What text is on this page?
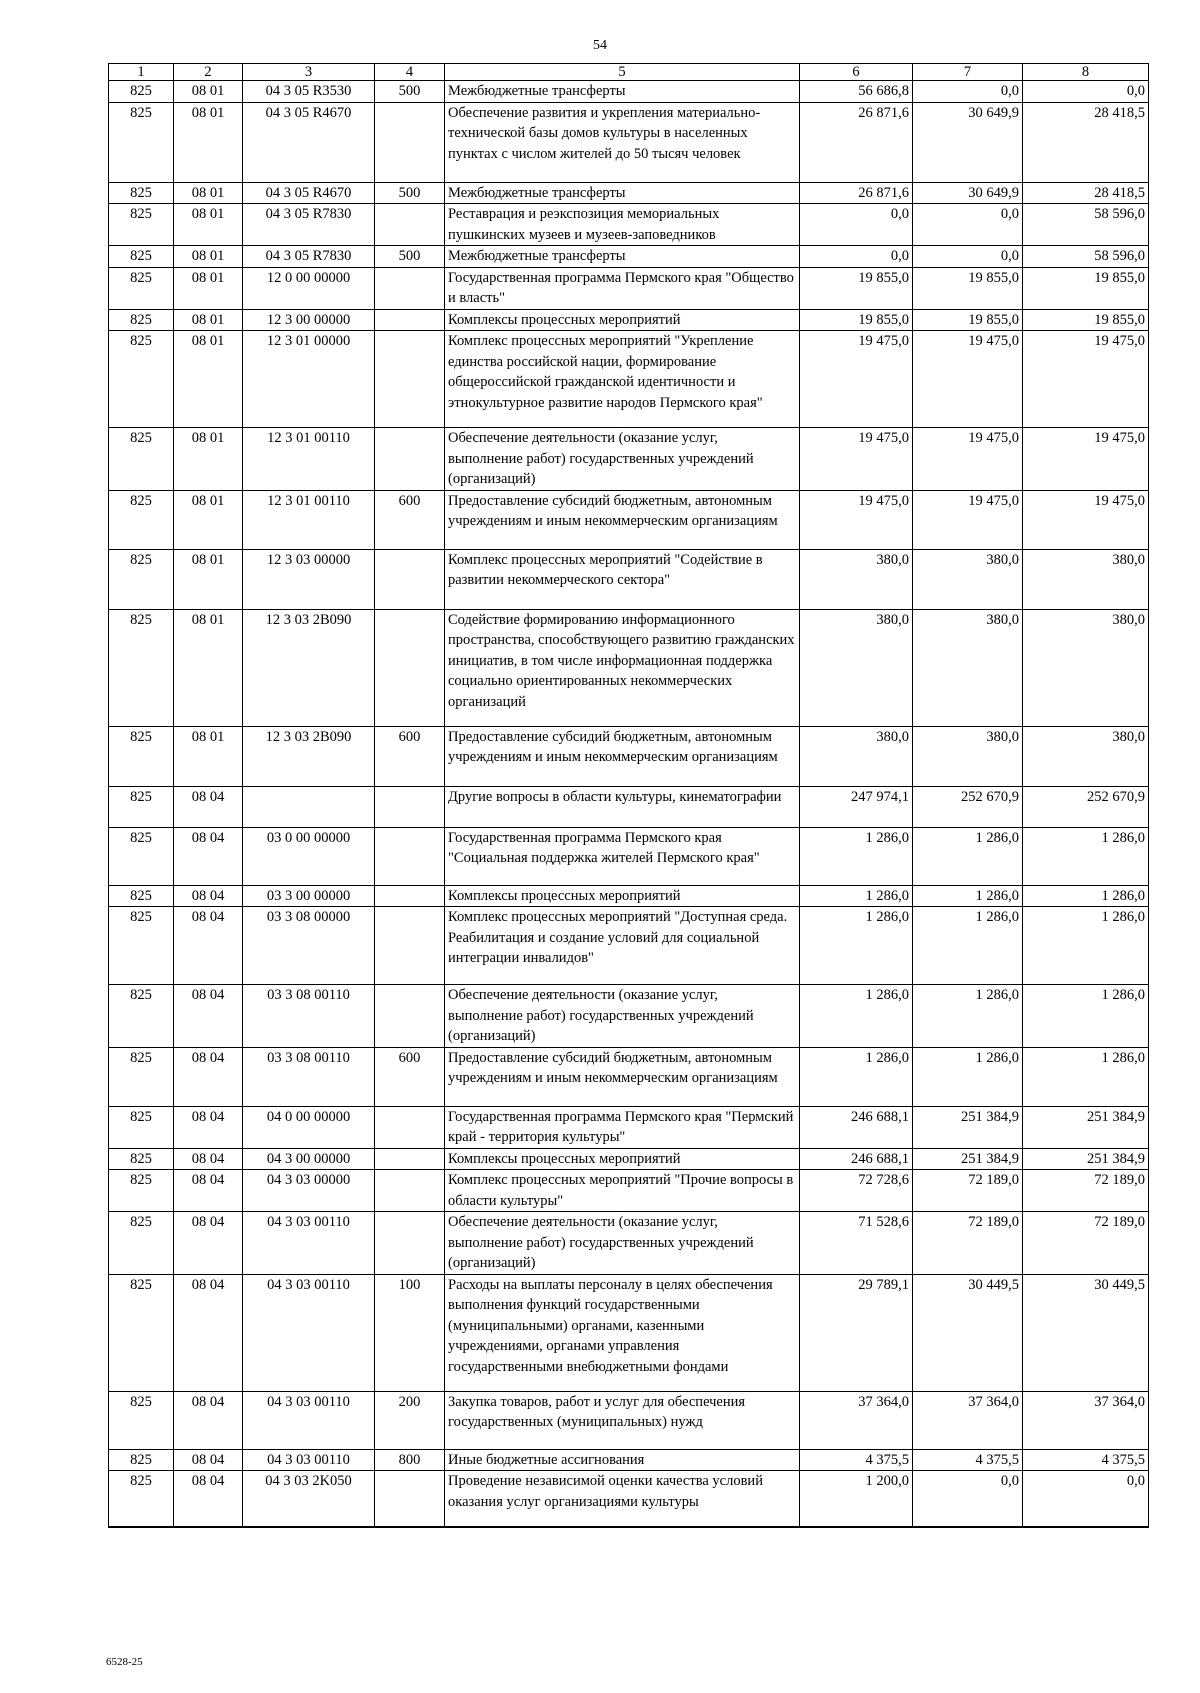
54
1	2	3	4	5	6	7	8
825	08 01	04 3 05 R3530	500	Межбюджетные трансферты	56 686,8	0,0	0,0
825	08 01	04 3 05 R4670		Обеспечение развития и укрепления материально-технической базы домов культуры в населенных пунктах с числом жителей до 50 тысяч человек	26 871,6	30 649,9	28 418,5
825	08 01	04 3 05 R4670	500	Межбюджетные трансферты	26 871,6	30 649,9	28 418,5
825	08 01	04 3 05 R7830		Реставрация и реэкспозиция мемориальных пушкинских музеев и музеев-заповедников	0,0	0,0	58 596,0
825	08 01	04 3 05 R7830	500	Межбюджетные трансферты	0,0	0,0	58 596,0
825	08 01	12 0 00 00000		Государственная программа Пермского края "Общество и власть"	19 855,0	19 855,0	19 855,0
825	08 01	12 3 00 00000		Комплексы процессных мероприятий	19 855,0	19 855,0	19 855,0
825	08 01	12 3 01 00000		Комплекс процессных мероприятий "Укрепление единства российской нации, формирование общероссийской гражданской идентичности и этнокультурное развитие народов Пермского края"	19 475,0	19 475,0	19 475,0
825	08 01	12 3 01 00110		Обеспечение деятельности (оказание услуг, выполнение работ) государственных учреждений (организаций)	19 475,0	19 475,0	19 475,0
825	08 01	12 3 01 00110	600	Предоставление субсидий бюджетным, автономным учреждениям и иным некоммерческим организациям	19 475,0	19 475,0	19 475,0
825	08 01	12 3 03 00000		Комплекс процессных мероприятий "Содействие в развитии некоммерческого сектора"	380,0	380,0	380,0
825	08 01	12 3 03 2B090		Содействие формированию информационного пространства, способствующего развитию гражданских инициатив, в том числе информационная поддержка социально ориентированных некоммерческих организаций	380,0	380,0	380,0
825	08 01	12 3 03 2B090	600	Предоставление субсидий бюджетным, автономным учреждениям и иным некоммерческим организациям	380,0	380,0	380,0
825	08 04			Другие вопросы в области культуры, кинематографии	247 974,1	252 670,9	252 670,9
825	08 04	03 0 00 00000		Государственная программа Пермского края "Социальная поддержка жителей Пермского края"	1 286,0	1 286,0	1 286,0
825	08 04	03 3 00 00000		Комплексы процессных мероприятий	1 286,0	1 286,0	1 286,0
825	08 04	03 3 08 00000		Комплекс процессных мероприятий "Доступная среда. Реабилитация и создание условий для социальной интеграции инвалидов"	1 286,0	1 286,0	1 286,0
825	08 04	03 3 08 00110		Обеспечение деятельности (оказание услуг, выполнение работ) государственных учреждений (организаций)	1 286,0	1 286,0	1 286,0
825	08 04	03 3 08 00110	600	Предоставление субсидий бюджетным, автономным учреждениям и иным некоммерческим организациям	1 286,0	1 286,0	1 286,0
825	08 04	04 0 00 00000		Государственная программа Пермского края "Пермский край - территория культуры"	246 688,1	251 384,9	251 384,9
825	08 04	04 3 00 00000		Комплексы процессных мероприятий	246 688,1	251 384,9	251 384,9
825	08 04	04 3 03 00000		Комплекс процессных мероприятий "Прочие вопросы в области культуры"	72 728,6	72 189,0	72 189,0
825	08 04	04 3 03 00110		Обеспечение деятельности (оказание услуг, выполнение работ) государственных учреждений (организаций)	71 528,6	72 189,0	72 189,0
825	08 04	04 3 03 00110	100	Расходы на выплаты персоналу в целях обеспечения выполнения функций государственными (муниципальными) органами, казенными учреждениями, органами управления государственными внебюджетными фондами	29 789,1	30 449,5	30 449,5
825	08 04	04 3 03 00110	200	Закупка товаров, работ и услуг для обеспечения государственных (муниципальных) нужд	37 364,0	37 364,0	37 364,0
825	08 04	04 3 03 00110	800	Иные бюджетные ассигнования	4 375,5	4 375,5	4 375,5
825	08 04	04 3 03 2K050		Проведение независимой оценки качества условий оказания услуг организациями культуры	1 200,0	0,0	0,0
6528-25
